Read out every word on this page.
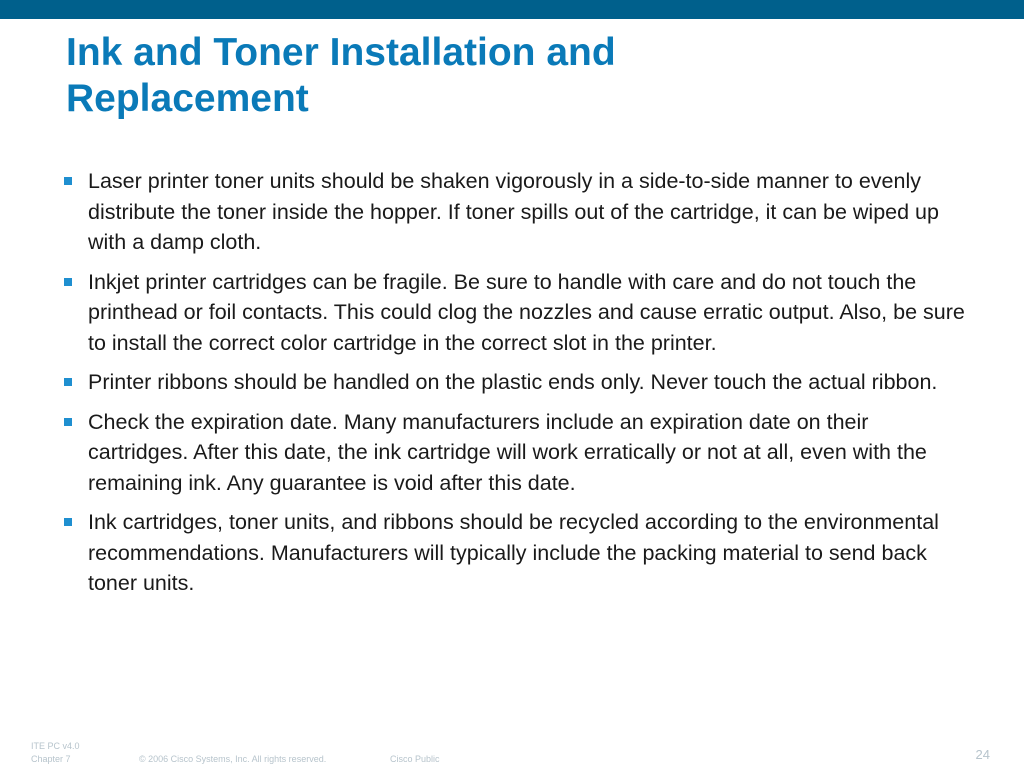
Ink and Toner Installation and
Replacement
Laser printer toner units should be shaken vigorously in a side-to-side manner to evenly distribute the toner inside the hopper. If toner spills out of the cartridge, it can be wiped up with a damp cloth.
Inkjet printer cartridges can be fragile. Be sure to handle with care and do not touch the printhead or foil contacts. This could clog the nozzles and cause erratic output. Also, be sure to install the correct color cartridge in the correct slot in the printer.
Printer ribbons should be handled on the plastic ends only. Never touch the actual ribbon.
Check the expiration date. Many manufacturers include an expiration date on their cartridges. After this date, the ink cartridge will work erratically or not at all, even with the remaining ink. Any guarantee is void after this date.
Ink cartridges, toner units, and ribbons should be recycled according to the environmental recommendations. Manufacturers will typically include the packing material to send back toner units.
ITE PC v4.0
Chapter 7	© 2006 Cisco Systems, Inc. All rights reserved.	Cisco Public	24
